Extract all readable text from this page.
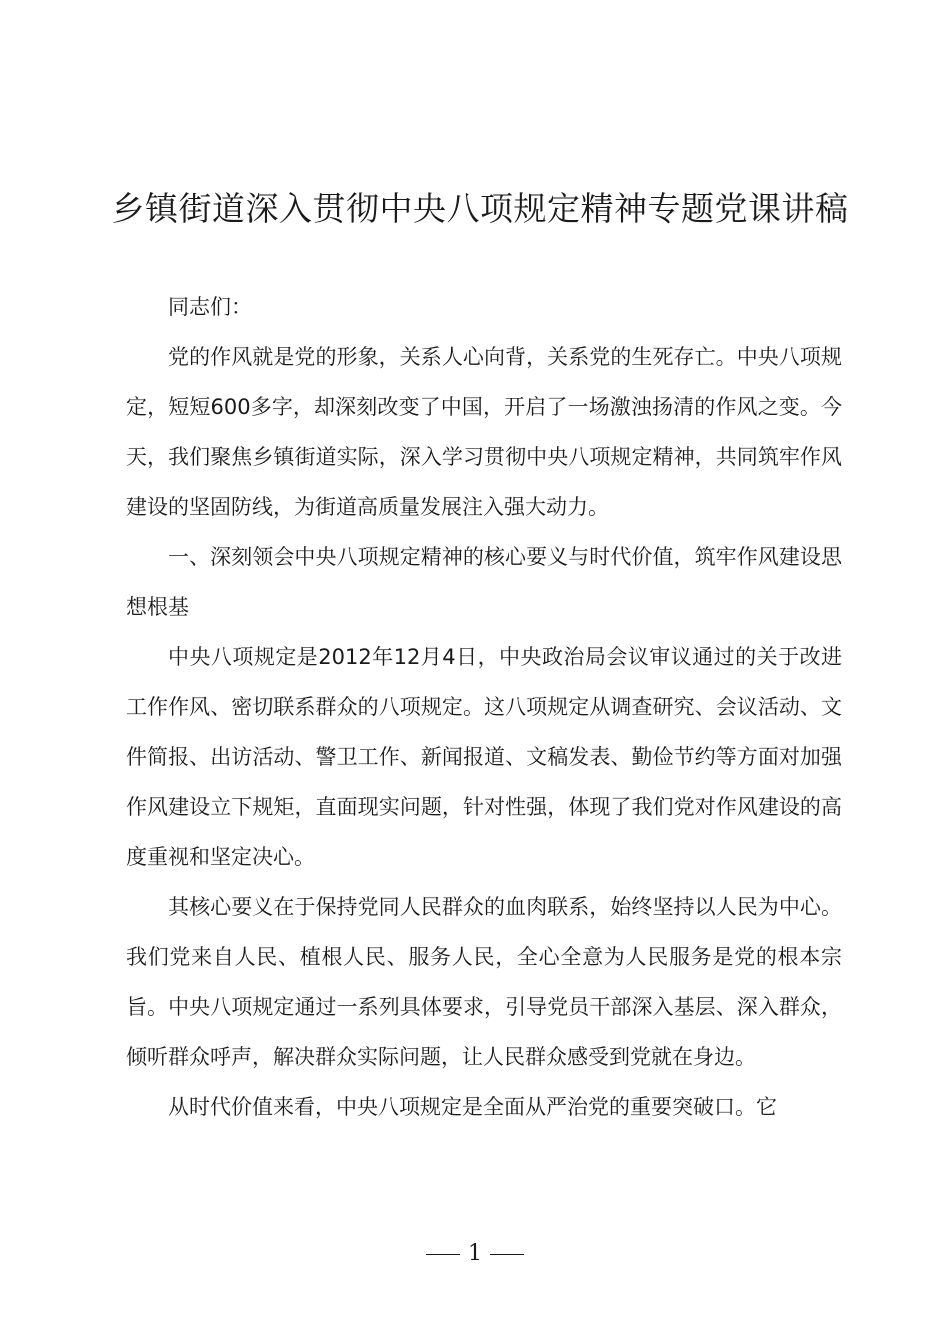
乡镇街道深入贯彻中央八项规定精神专题党课讲稿

同志们：

党的作风就是党的形象，关系人心向背，关系党的生死存亡。中央八项规定，短短600多字，却深刻改变了中国，开启了一场激浊扬清的作风之变。今天，我们聚焦乡镇街道实际，深入学习贯彻中央八项规定精神，共同筑牢作风建设的坚固防线，为街道高质量发展注入强大动力。

一、深刻领会中央八项规定精神的核心要义与时代价值，筑牢作风建设思想根基

中央八项规定是2012年12月4日，中央政治局会议审议通过的关于改进工作作风、密切联系群众的八项规定。这八项规定从调查研究、会议活动、文件简报、出访活动、警卫工作、新闻报道、文稿发表、勤俭节约等方面对加强作风建设立下规矩，直面现实问题，针对性强，体现了我们党对作风建设的高度重视和坚定决心。

其核心要义在于保持党同人民群众的血肉联系，始终坚持以人民为中心。我们党来自人民、植根人民、服务人民，全心全意为人民服务是党的根本宗旨。中央八项规定通过一系列具体要求，引导党员干部深入基层、深入群众，倾听群众呼声，解决群众实际问题，让人民群众感受到党就在身边。

从时代价值来看，中央八项规定是全面从严治党的重要突破口。它

1
